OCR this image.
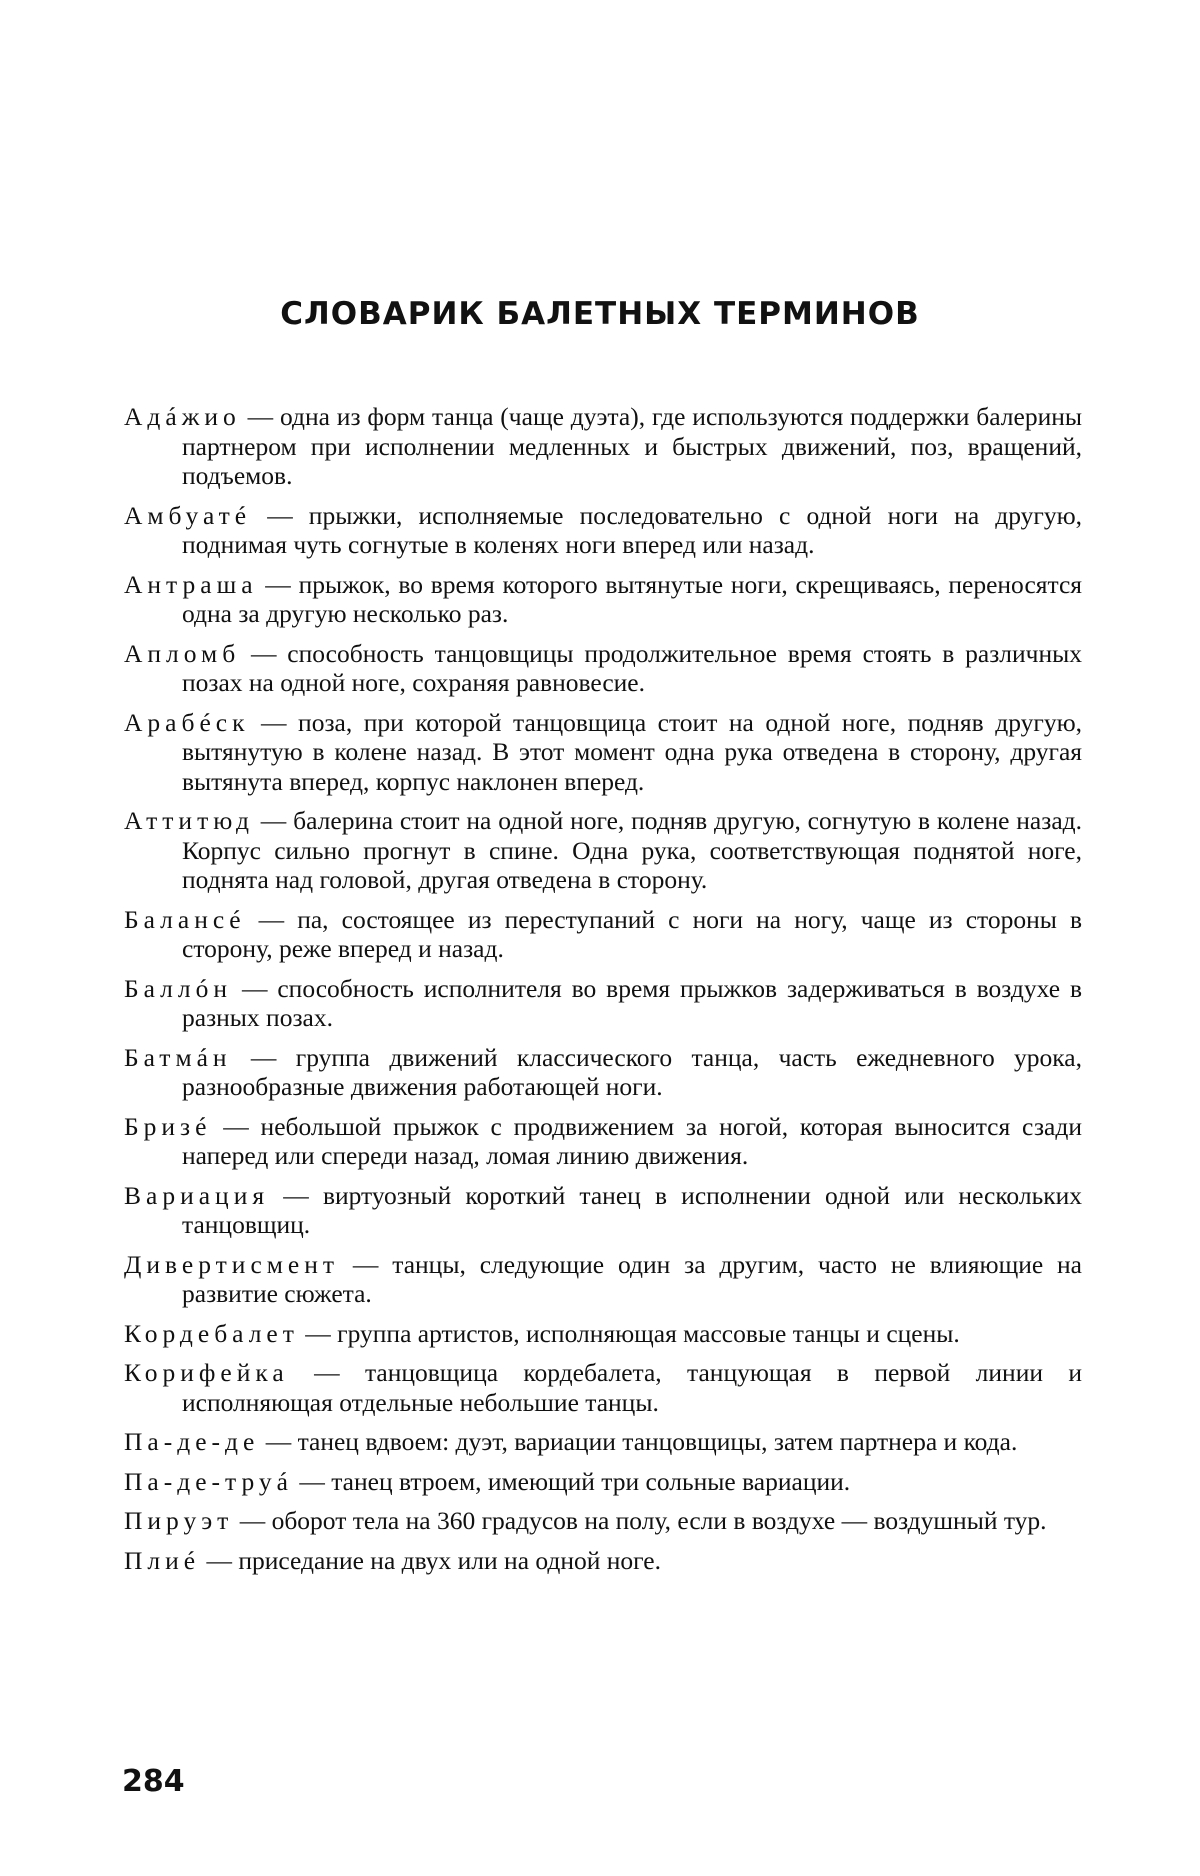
СЛОВАРИК БАЛЕТНЫХ ТЕРМИНОВ

Адáжио — одна из форм танца (чаще дуэта), где используются поддержки балерины партнером при исполнении медленных и быстрых движений, поз, вращений, подъемов.

Амбуатé — прыжки, исполняемые последовательно с одной ноги на другую, поднимая чуть согнутые в коленях ноги вперед или назад.

Антраша — прыжок, во время которого вытянутые ноги, скрещиваясь, переносятся одна за другую несколько раз.

Апломб — способность танцовщицы продолжительное время стоять в различных позах на одной ноге, сохраняя равновесие.

Арабéск — поза, при которой танцовщица стоит на одной ноге, подняв другую, вытянутую в колене назад. В этот момент одна рука отведена в сторону, другая вытянута вперед, корпус наклонен вперед.

Аттитюд — балерина стоит на одной ноге, подняв другую, согнутую в колене назад. Корпус сильно прогнут в спине. Одна рука, соответствующая поднятой ноге, поднята над головой, другая отведена в сторону.

Балансé — па, состоящее из переступаний с ноги на ногу, чаще из стороны в сторону, реже вперед и назад.

Баллóн — способность исполнителя во время прыжков задерживаться в воздухе в разных позах.

Батмáн — группа движений классического танца, часть ежедневного урока, разнообразные движения работающей ноги.

Бризé — небольшой прыжок с продвижением за ногой, которая выносится сзади наперед или спереди назад, ломая линию движения.

Вариация — виртуозный короткий танец в исполнении одной или нескольких танцовщиц.

Дивертисмент — танцы, следующие один за другим, часто не влияющие на развитие сюжета.

Кордебалет — группа артистов, исполняющая массовые танцы и сцены.

Корифейка — танцовщица кордебалета, танцующая в первой линии и исполняющая отдельные небольшие танцы.

Па-де-де — танец вдвоем: дуэт, вариации танцовщицы, затем партнера и кода.

Па-де-труá — танец втроем, имеющий три сольные вариации.

Пируэт — оборот тела на 360 градусов на полу, если в воздухе — воздушный тур.

Плиé — приседание на двух или на одной ноге.

284
